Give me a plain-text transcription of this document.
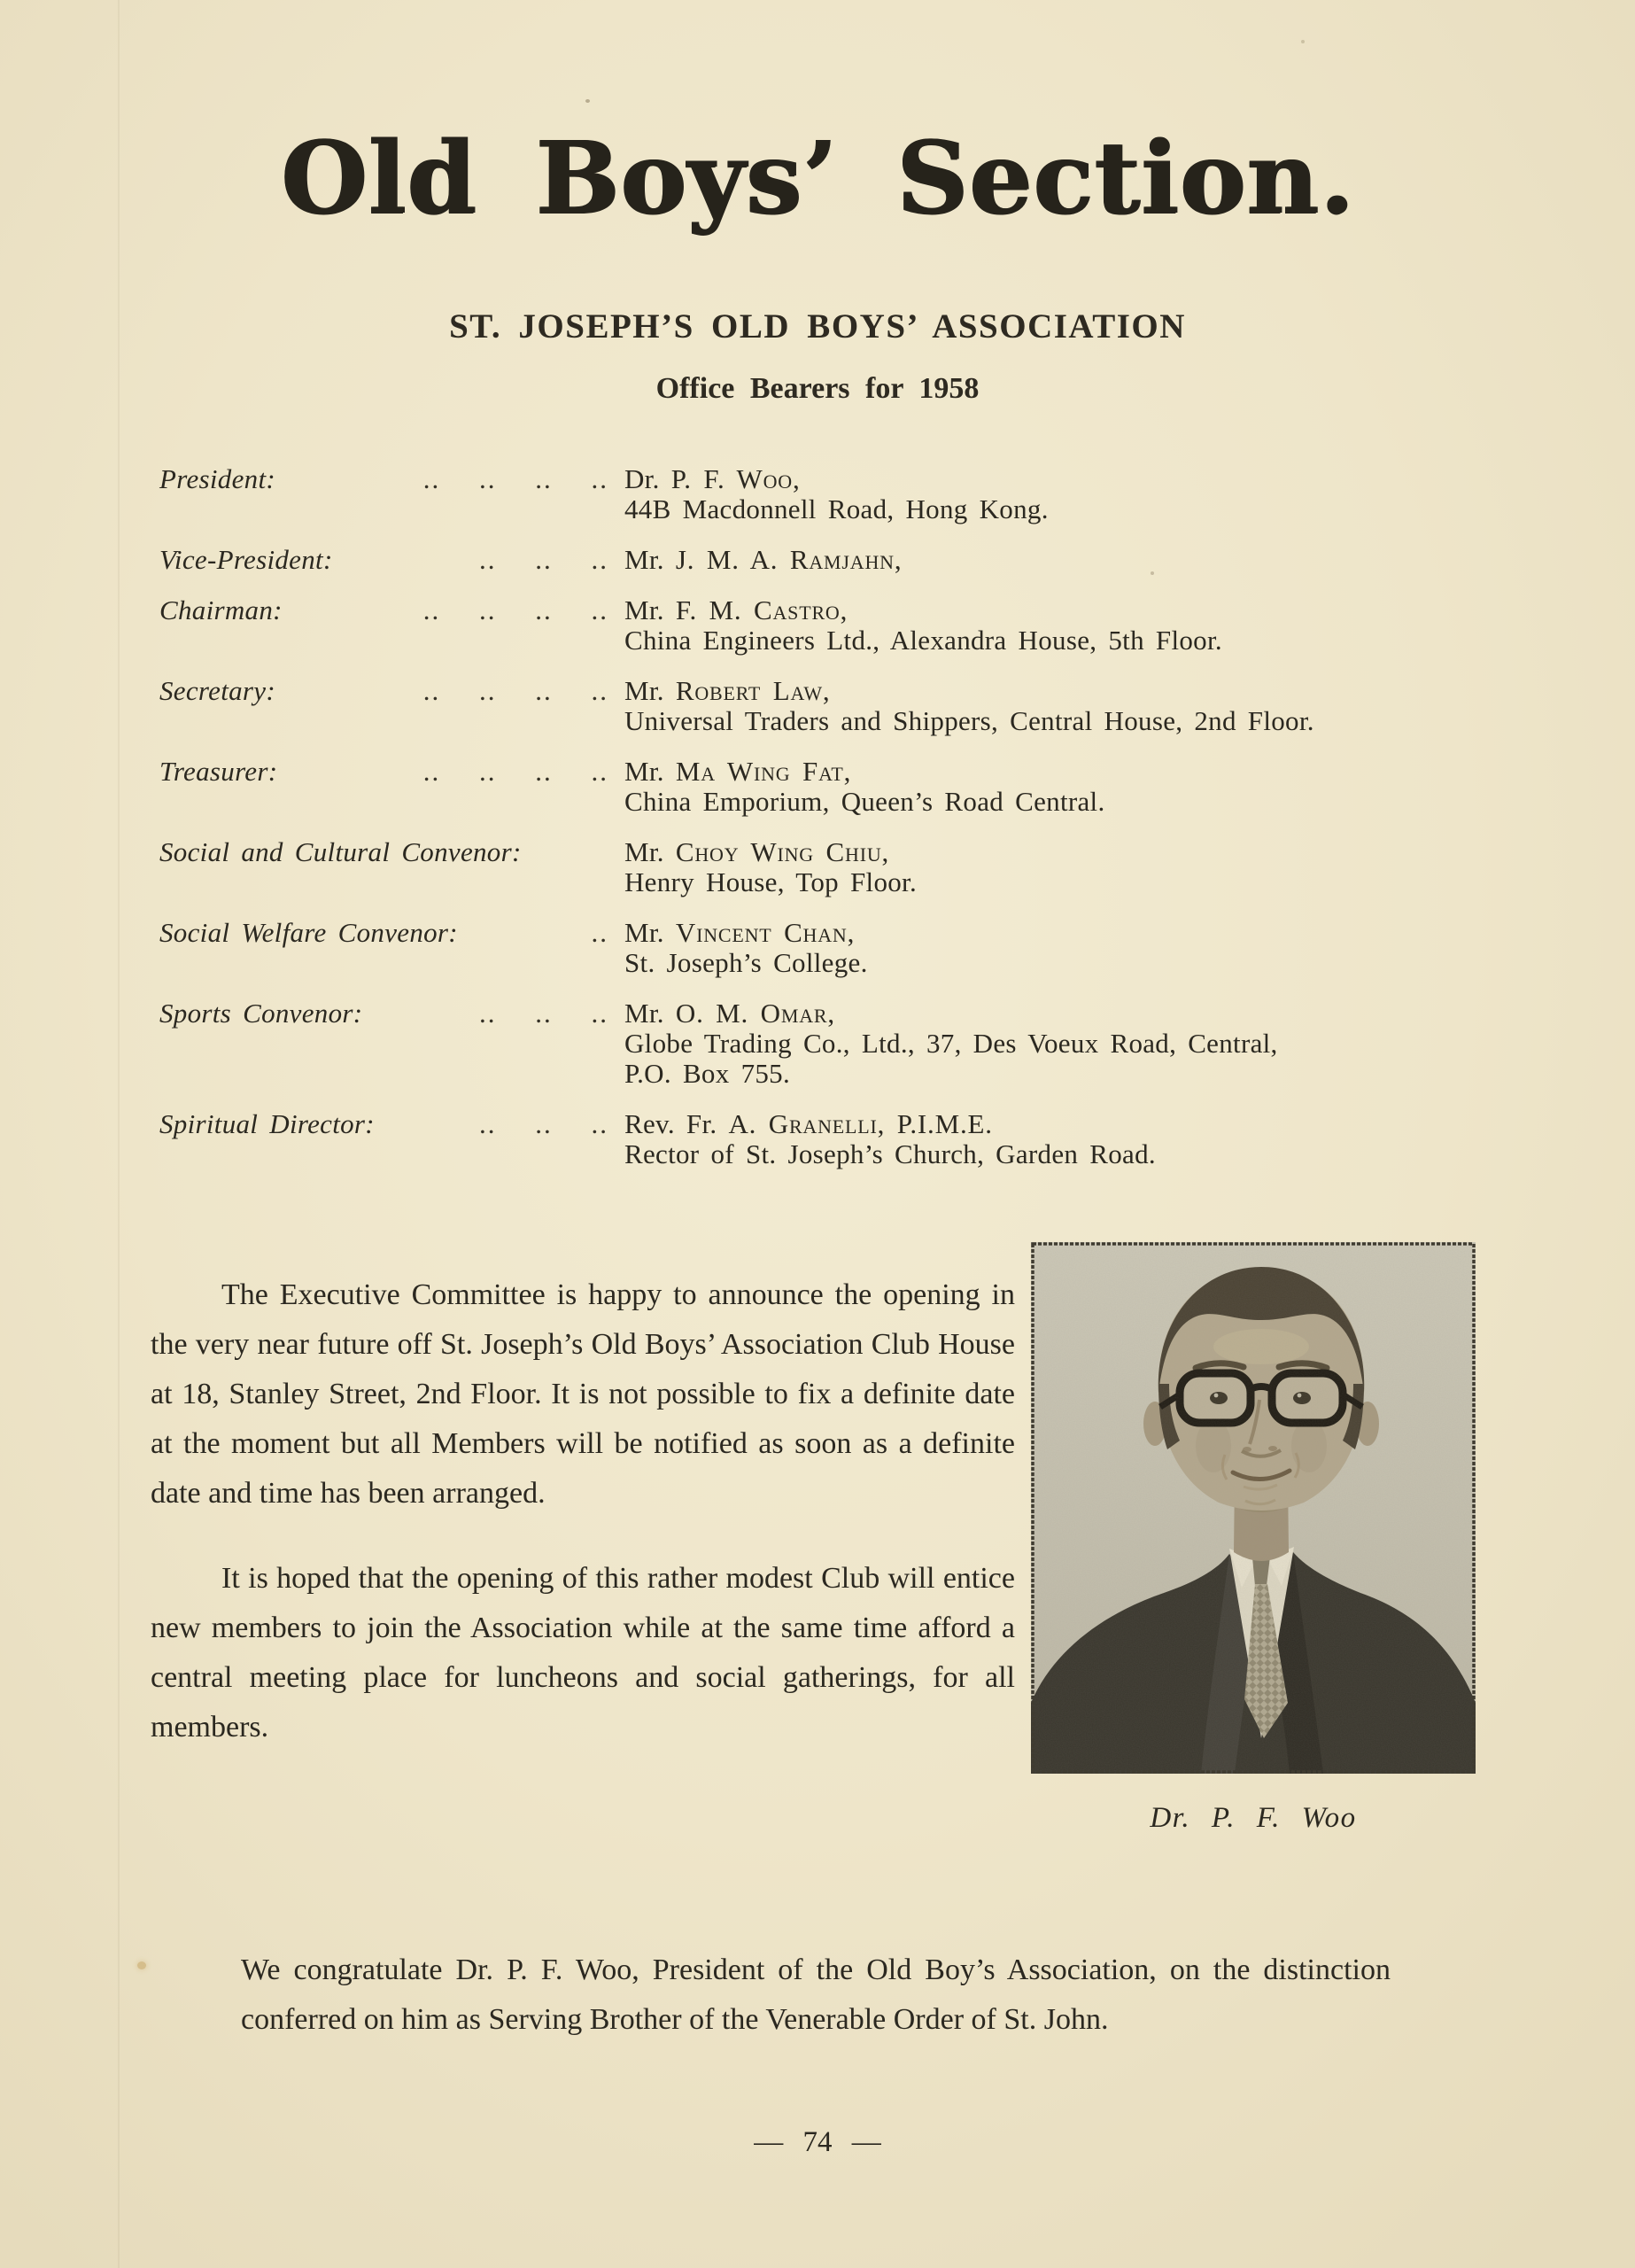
Old Boys’ Section.
ST. JOSEPH’S OLD BOYS’ ASSOCIATION
Office Bearers for 1958
President:	.. .. .. .. Dr. P. F. Woo,
44B Macdonnell Road, Hong Kong.
Vice-President:	.. .. .. Mr. J. M. A. Ramjahn,
Chairman:	.. .. .. .. Mr. F. M. Castro,
China Engineers Ltd., Alexandra House, 5th Floor.
Secretary:	.. .. .. .. Mr. Robert Law,
Universal Traders and Shippers, Central House, 2nd Floor.
Treasurer:	.. .. .. .. Mr. Ma Wing Fat,
China Emporium, Queen’s Road Central.
Social and Cultural Convenor:	Mr. Choy Wing Chiu,
Henry House, Top Floor.
Social Welfare Convenor:	.. Mr. Vincent Chan,
St. Joseph’s College.
Sports Convenor:	.. .. .. Mr. O. M. Omar,
Globe Trading Co., Ltd., 37, Des Voeux Road, Central,
P.O. Box 755.
Spiritual Director:	.. .. .. Rev. Fr. A. Granelli, P.I.M.E.
Rector of St. Joseph’s Church, Garden Road.

The Executive Committee is happy to announce the opening in the very near future off St. Joseph’s Old Boys’ Association Club House at 18, Stanley Street, 2nd Floor. It is not possible to fix a definite date at the moment but all Members will be notified as soon as a definite date and time has been arranged.

It is hoped that the opening of this rather modest Club will entice new members to join the Association while at the same time afford a central meeting place for luncheons and social gatherings, for all members.

Dr. P. F. Woo
We congratulate Dr. P. F. Woo, President of the Old Boy’s Association, on the distinction conferred on him as Serving Brother of the Venerable Order of St. John.
— 74 —
